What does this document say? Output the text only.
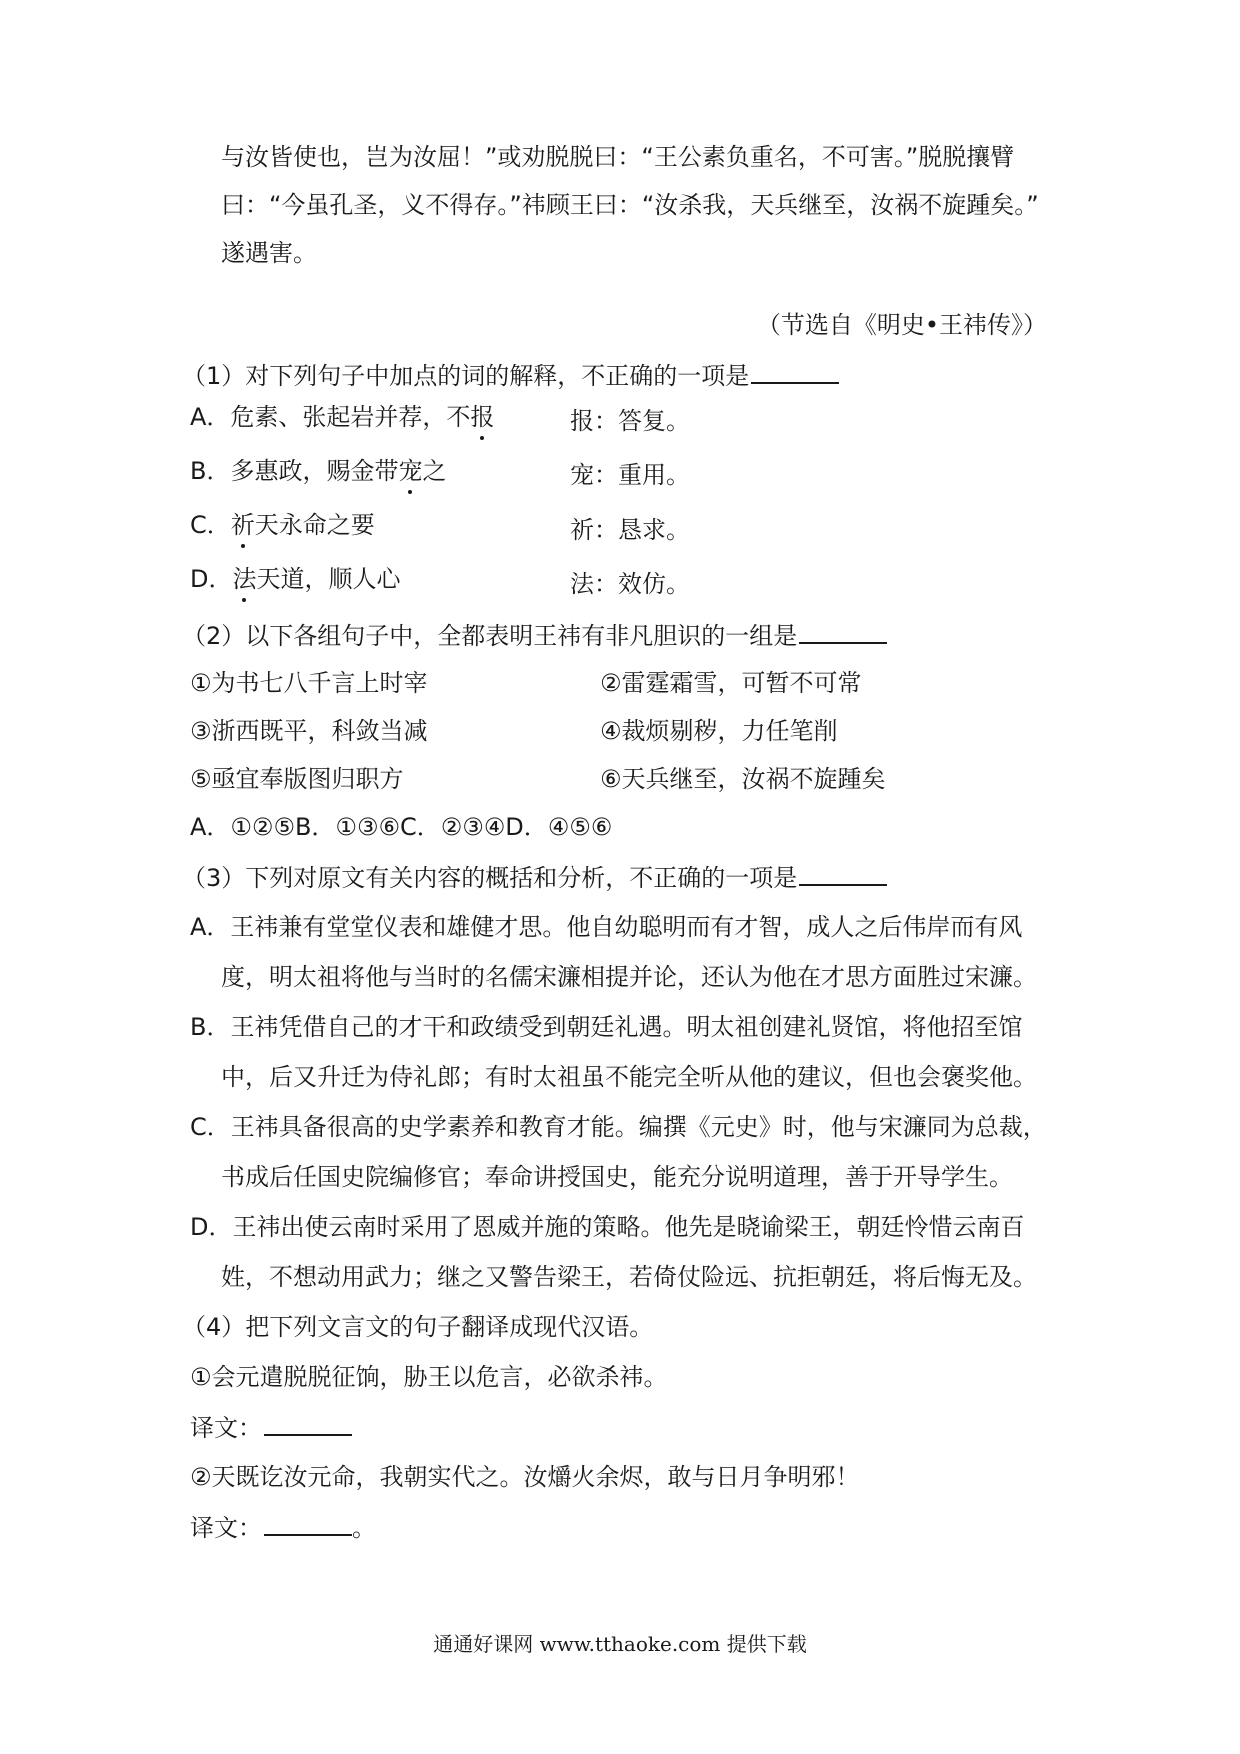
与汝皆使也，岂为汝屈！”或劝脱脱曰：“王公素负重名，不可害。”脱脱攘臂
曰：“今虽孔圣，义不得存。”祎顾王曰：“汝杀我，天兵继至，汝祸不旋踵矣。”
遂遇害。
（节选自《明史•王祎传》）
（1）对下列句子中加点的词的解释，不正确的一项是
A．危素、张起岩并荐，不报	报：答复。
B．多惠政，赐金带宠之	宠：重用。
C．祈天永命之要	祈：恳求。
D．法天道，顺人心	法：效仿。
（2）以下各组句子中，全都表明王祎有非凡胆识的一组是
①为书七八千言上时宰	②雷霆霜雪，可暂不可常
③浙西既平，科敛当减	④裁烦剔秽，力任笔削
⑤亟宜奉版图归职方	⑥天兵继至，汝祸不旋踵矣
A．①②⑤B．①③⑥C．②③④D．④⑤⑥
（3）下列对原文有关内容的概括和分析，不正确的一项是
A．王祎兼有堂堂仪表和雄健才思。他自幼聪明而有才智，成人之后伟岸而有风
度，明太祖将他与当时的名儒宋濂相提并论，还认为他在才思方面胜过宋濂。
B．王祎凭借自己的才干和政绩受到朝廷礼遇。明太祖创建礼贤馆，将他招至馆
中，后又升迁为侍礼郎；有时太祖虽不能完全听从他的建议，但也会褒奖他。
C．王祎具备很高的史学素养和教育才能。编撰《元史》时，他与宋濂同为总裁，
书成后任国史院编修官；奉命讲授国史，能充分说明道理，善于开导学生。
D．王祎出使云南时采用了恩威并施的策略。他先是晓谕梁王，朝廷怜惜云南百
姓，不想动用武力；继之又警告梁王，若倚仗险远、抗拒朝廷，将后悔无及。
（4）把下列文言文的句子翻译成现代汉语。
①会元遣脱脱征饷，胁王以危言，必欲杀祎。
译文：
②天既讫汝元命，我朝实代之。汝爝火余烬，敢与日月争明邪！
译文：	。
通通好课网 www.tthaoke.com 提供下载
